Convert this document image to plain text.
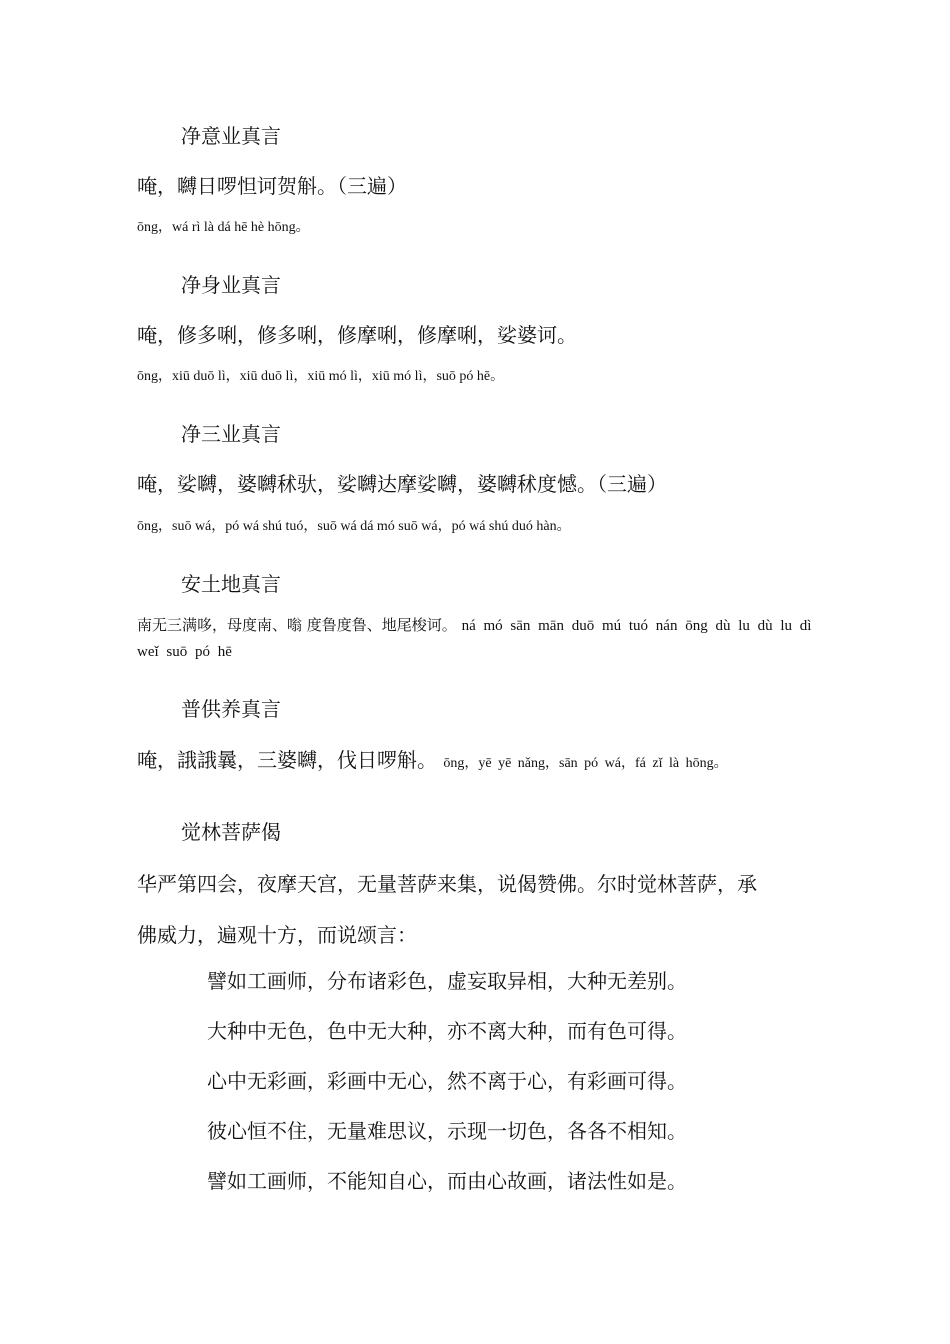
净意业真言
唵，嚩日啰怛诃贺斛。（三遍）
ōng，wá rì là dá hē hè hōng。
净身业真言
唵，修多唎，修多唎，修摩唎，修摩唎，娑婆诃。
ōng，xiū duō lì，xiū duō lì，xiū mó lì，xiū mó lì，suō pó hē。
净三业真言
唵，娑嚩，婆嚩秫驮，娑嚩达摩娑嚩，婆嚩秫度憾。（三遍）
ōng，suō wá，pó wá shú tuó，suō wá dá mó suō wá，pó wá shú duó hàn。
安土地真言
南无三满哆，母度南、嗡 度鲁度鲁、地尾梭诃。 ná mó sān mān duō mú tuó nán ōng dù lu dù lu dì weǐ suō pó hē
普供养真言
唵，誐誐曩，三婆嚩，伐日啰斛。 ōng，yē yē nǎng，sān pó wá，fá zǐ là hōng。
觉林菩萨偈
华严第四会，夜摩天宫，无量菩萨来集，说偈赞佛。尔时觉林菩萨，承
佛威力，遍观十方，而说颂言：
譬如工画师，分布诸彩色，虚妄取异相，大种无差别。
大种中无色，色中无大种，亦不离大种，而有色可得。
心中无彩画，彩画中无心，然不离于心，有彩画可得。
彼心恒不住，无量难思议，示现一切色，各各不相知。
譬如工画师，不能知自心，而由心故画，诸法性如是。
